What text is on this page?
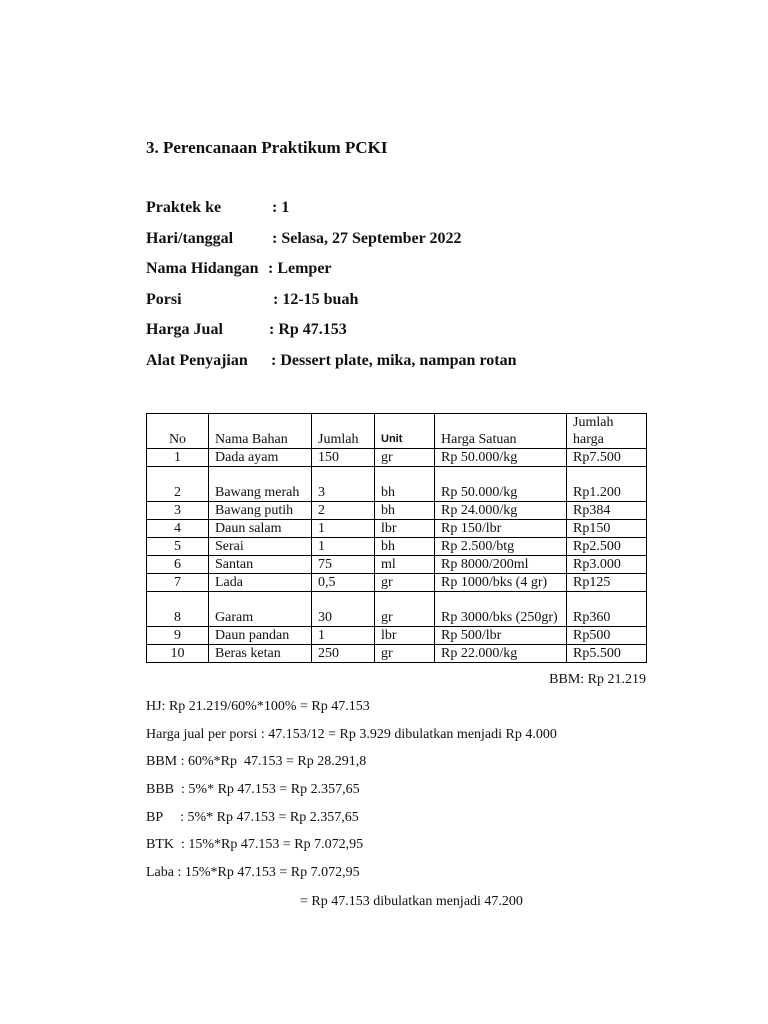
3. Perencanaan Praktikum PCKI
Praktek ke	: 1
Hari/tanggal : Selasa, 27 September 2022
Nama Hidangan : Lemper
Porsi	: 12-15 buah
Harga Jual	: Rp 47.153
Alat Penyajian : Dessert plate, mika, nampan rotan
No	Nama Bahan	Jumlah	Unit	Harga Satuan	Jumlah harga
1	Dada ayam	150	gr	Rp 50.000/kg	Rp7.500
2	Bawang merah	3	bh	Rp 50.000/kg	Rp1.200
3	Bawang putih	2	bh	Rp 24.000/kg	Rp384
4	Daun salam	1	lbr	Rp 150/lbr	Rp150
5	Serai	1	bh	Rp 2.500/btg	Rp2.500
6	Santan	75	ml	Rp 8000/200ml	Rp3.000
7	Lada	0,5	gr	Rp 1000/bks (4 gr)	Rp125
8	Garam	30	gr	Rp 3000/bks (250gr)	Rp360
9	Daun pandan	1	lbr	Rp 500/lbr	Rp500
10	Beras ketan	250	gr	Rp 22.000/kg	Rp5.500
BBM: Rp 21.219
HJ: Rp 21.219/60%*100% = Rp 47.153
Harga jual per porsi : 47.153/12 = Rp 3.929 dibulatkan menjadi Rp 4.000
BBM : 60%*Rp  47.153 = Rp 28.291,8
BBB  : 5%* Rp 47.153 = Rp 2.357,65
BP     : 5%* Rp 47.153 = Rp 2.357,65
BTK  : 15%*Rp 47.153 = Rp 7.072,95
Laba : 15%*Rp 47.153 = Rp 7.072,95
= Rp 47.153 dibulatkan menjadi 47.200
